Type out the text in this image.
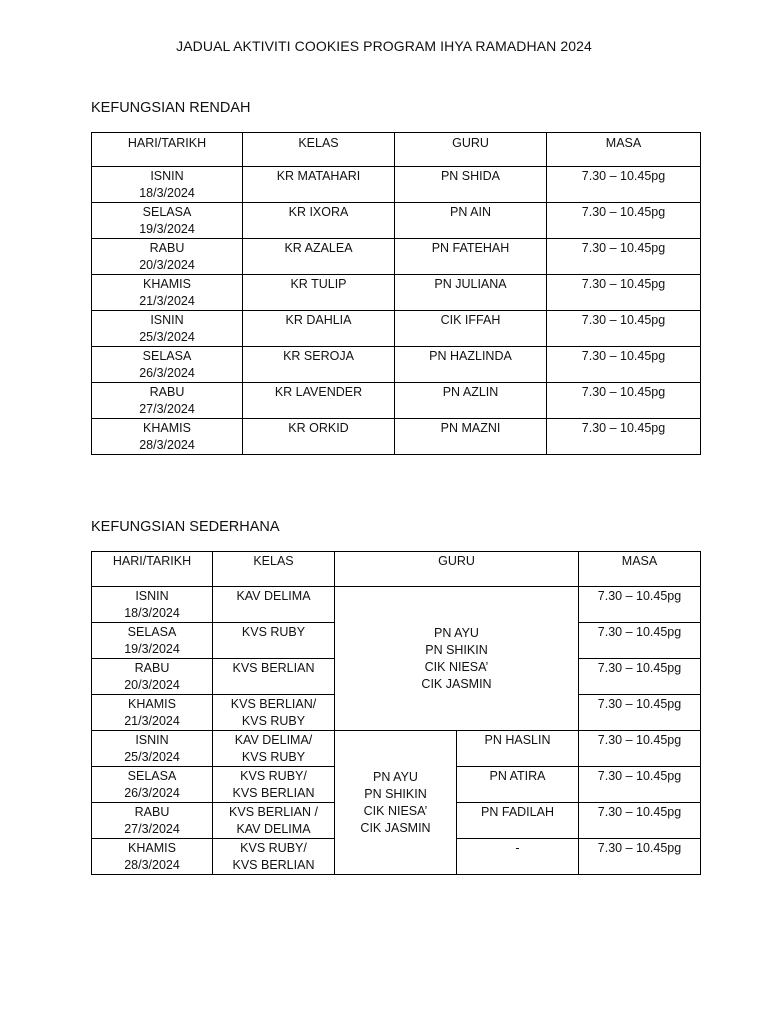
JADUAL AKTIVITI COOKIES PROGRAM IHYA RAMADHAN 2024
KEFUNGSIAN RENDAH
HARI/TARIKH	KELAS	GURU	MASA

ISNIN
18/3/2024	KR MATAHARI	PN SHIDA	7.30 – 10.45pg

SELASA
19/3/2024	KR IXORA	PN AIN	7.30 – 10.45pg

RABU
20/3/2024	KR AZALEA	PN FATEHAH	7.30 – 10.45pg

KHAMIS
21/3/2024	KR TULIP	PN JULIANA	7.30 – 10.45pg

ISNIN
25/3/2024	KR DAHLIA	CIK IFFAH	7.30 – 10.45pg

SELASA
26/3/2024	KR SEROJA	PN HAZLINDA	7.30 – 10.45pg

RABU
27/3/2024	KR LAVENDER	PN AZLIN	7.30 – 10.45pg

KHAMIS
28/3/2024	KR ORKID	PN MAZNI	7.30 – 10.45pg
KEFUNGSIAN SEDERHANA
HARI/TARIKH	KELAS	GURU		MASA

ISNIN
18/3/2024	KAV DELIMA	PN AYU
PN SHIKIN
CIK NIESA’
CIK JASMIN		7.30 – 10.45pg

SELASA
19/3/2024	KVS RUBY			7.30 – 10.45pg

RABU
20/3/2024	KVS BERLIAN			7.30 – 10.45pg

KHAMIS
21/3/2024	KVS BERLIAN/
KVS RUBY			7.30 – 10.45pg

ISNIN
25/3/2024	KAV DELIMA/
KVS RUBY	PN AYU
PN SHIKIN
CIK NIESA’
CIK JASMIN	PN HASLIN	7.30 – 10.45pg

SELASA
26/3/2024	KVS RUBY/
KVS BERLIAN		PN ATIRA	7.30 – 10.45pg

RABU
27/3/2024	KVS BERLIAN /
KAV DELIMA		PN FADILAH	7.30 – 10.45pg

KHAMIS
28/3/2024	KVS RUBY/
KVS BERLIAN		-	7.30 – 10.45pg
